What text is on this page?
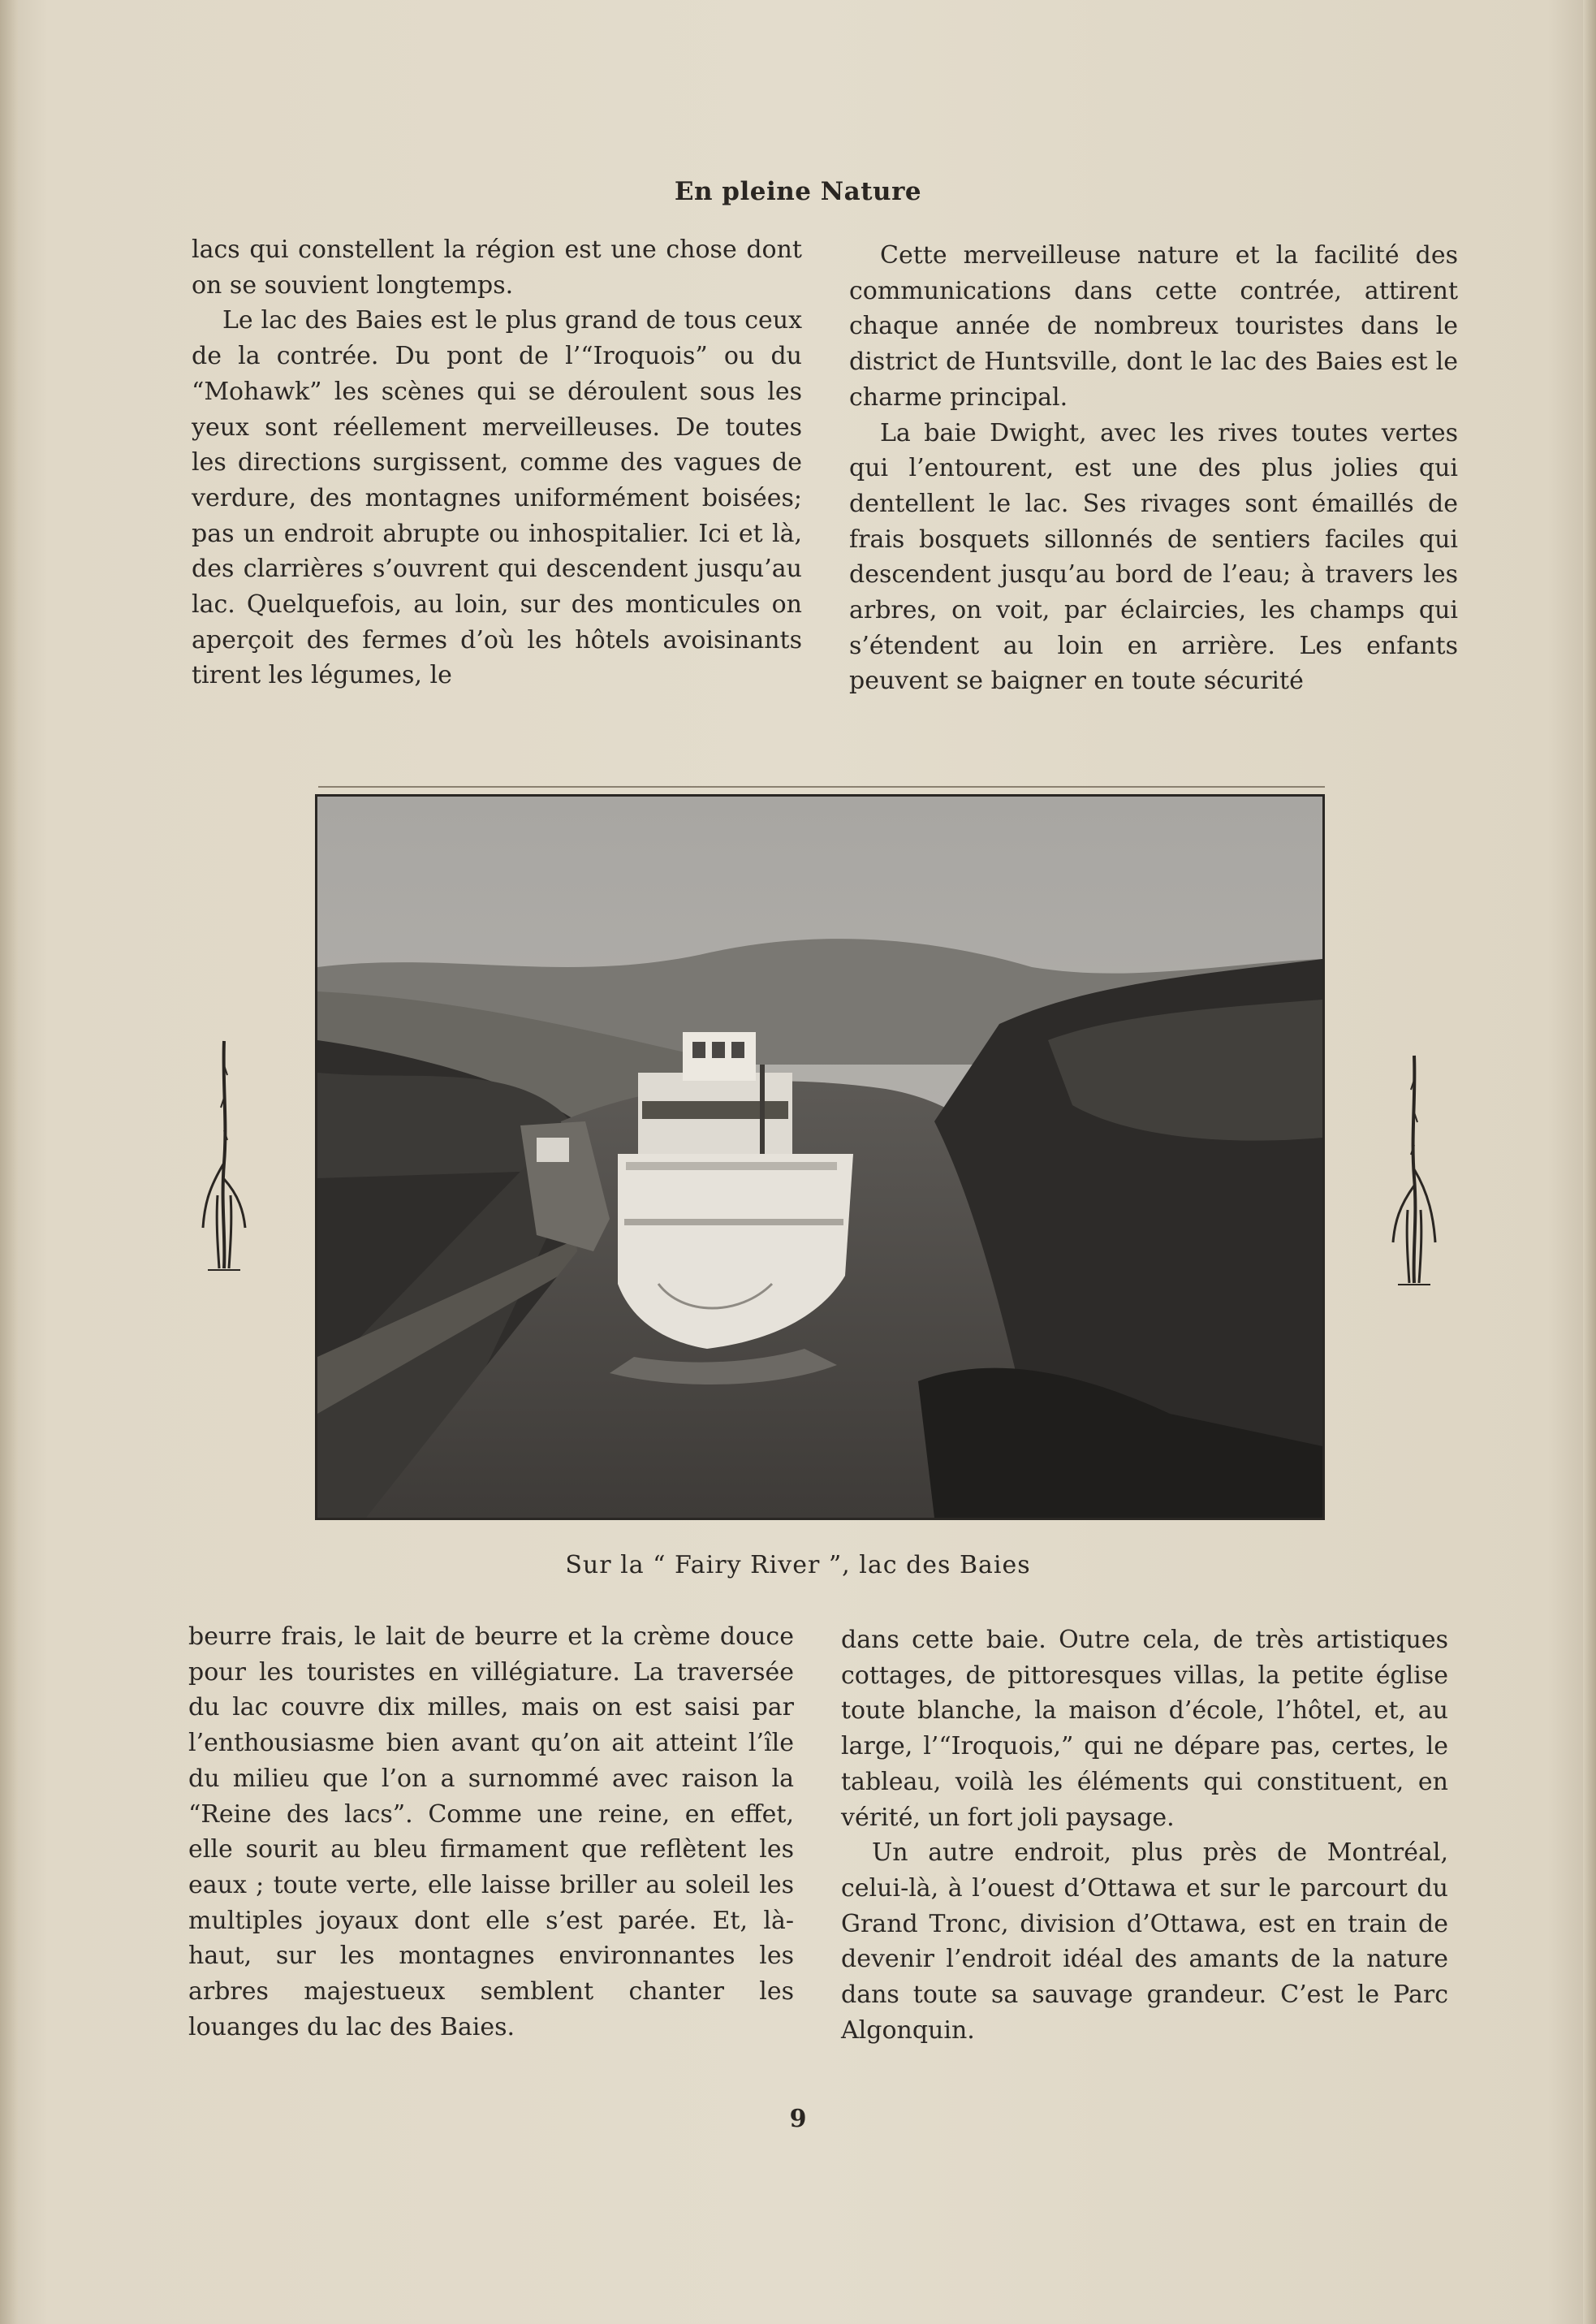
En pleine Nature

lacs qui constellent la région est une chose dont on se souvient longtemps.

Le lac des Baies est le plus grand de tous ceux de la contrée. Du pont de l’“Iroquois” ou du “Mohawk” les scènes qui se déroulent sous les yeux sont réellement merveilleuses. De toutes les directions surgissent, comme des vagues de verdure, des montagnes uniformément boisées; pas un endroit abrupte ou inhospitalier. Ici et là, des clarrières s’ouvrent qui descendent jusqu’au lac. Quelquefois, au loin, sur des monticules on aperçoit des fermes d’où les hôtels avoisinants tirent les légumes, le

Cette merveilleuse nature et la facilité des communications dans cette contrée, attirent chaque année de nombreux touristes dans le district de Huntsville, dont le lac des Baies est le charme principal.

La baie Dwight, avec les rives toutes vertes qui l’entourent, est une des plus jolies qui dentellent le lac. Ses rivages sont émaillés de frais bosquets sillonnés de sentiers faciles qui descendent jusqu’au bord de l’eau; à travers les arbres, on voit, par éclaircies, les champs qui s’étendent au loin en arrière. Les enfants peuvent se baigner en toute sécurité

Sur la “ Fairy River ”, lac des Baies

beurre frais, le lait de beurre et la crème douce pour les touristes en villégiature. La traversée du lac couvre dix milles, mais on est saisi par l’enthousiasme bien avant qu’on ait atteint l’île du milieu que l’on a surnommé avec raison la “Reine des lacs”. Comme une reine, en effet, elle sourit au bleu firmament que reflètent les eaux ; toute verte, elle laisse briller au soleil les multiples joyaux dont elle s’est parée. Et, là-haut, sur les montagnes environnantes les arbres majestueux semblent chanter les louanges du lac des Baies.

dans cette baie. Outre cela, de très artistiques cottages, de pittoresques villas, la petite église toute blanche, la maison d’école, l’hôtel, et, au large, l’“Iroquois,” qui ne dépare pas, certes, le tableau, voilà les éléments qui constituent, en vérité, un fort joli paysage.

Un autre endroit, plus près de Montréal, celui-là, à l’ouest d’Ottawa et sur le parcourt du Grand Tronc, division d’Ottawa, est en train de devenir l’endroit idéal des amants de la nature dans toute sa sauvage grandeur. C’est le Parc Algonquin.

9
